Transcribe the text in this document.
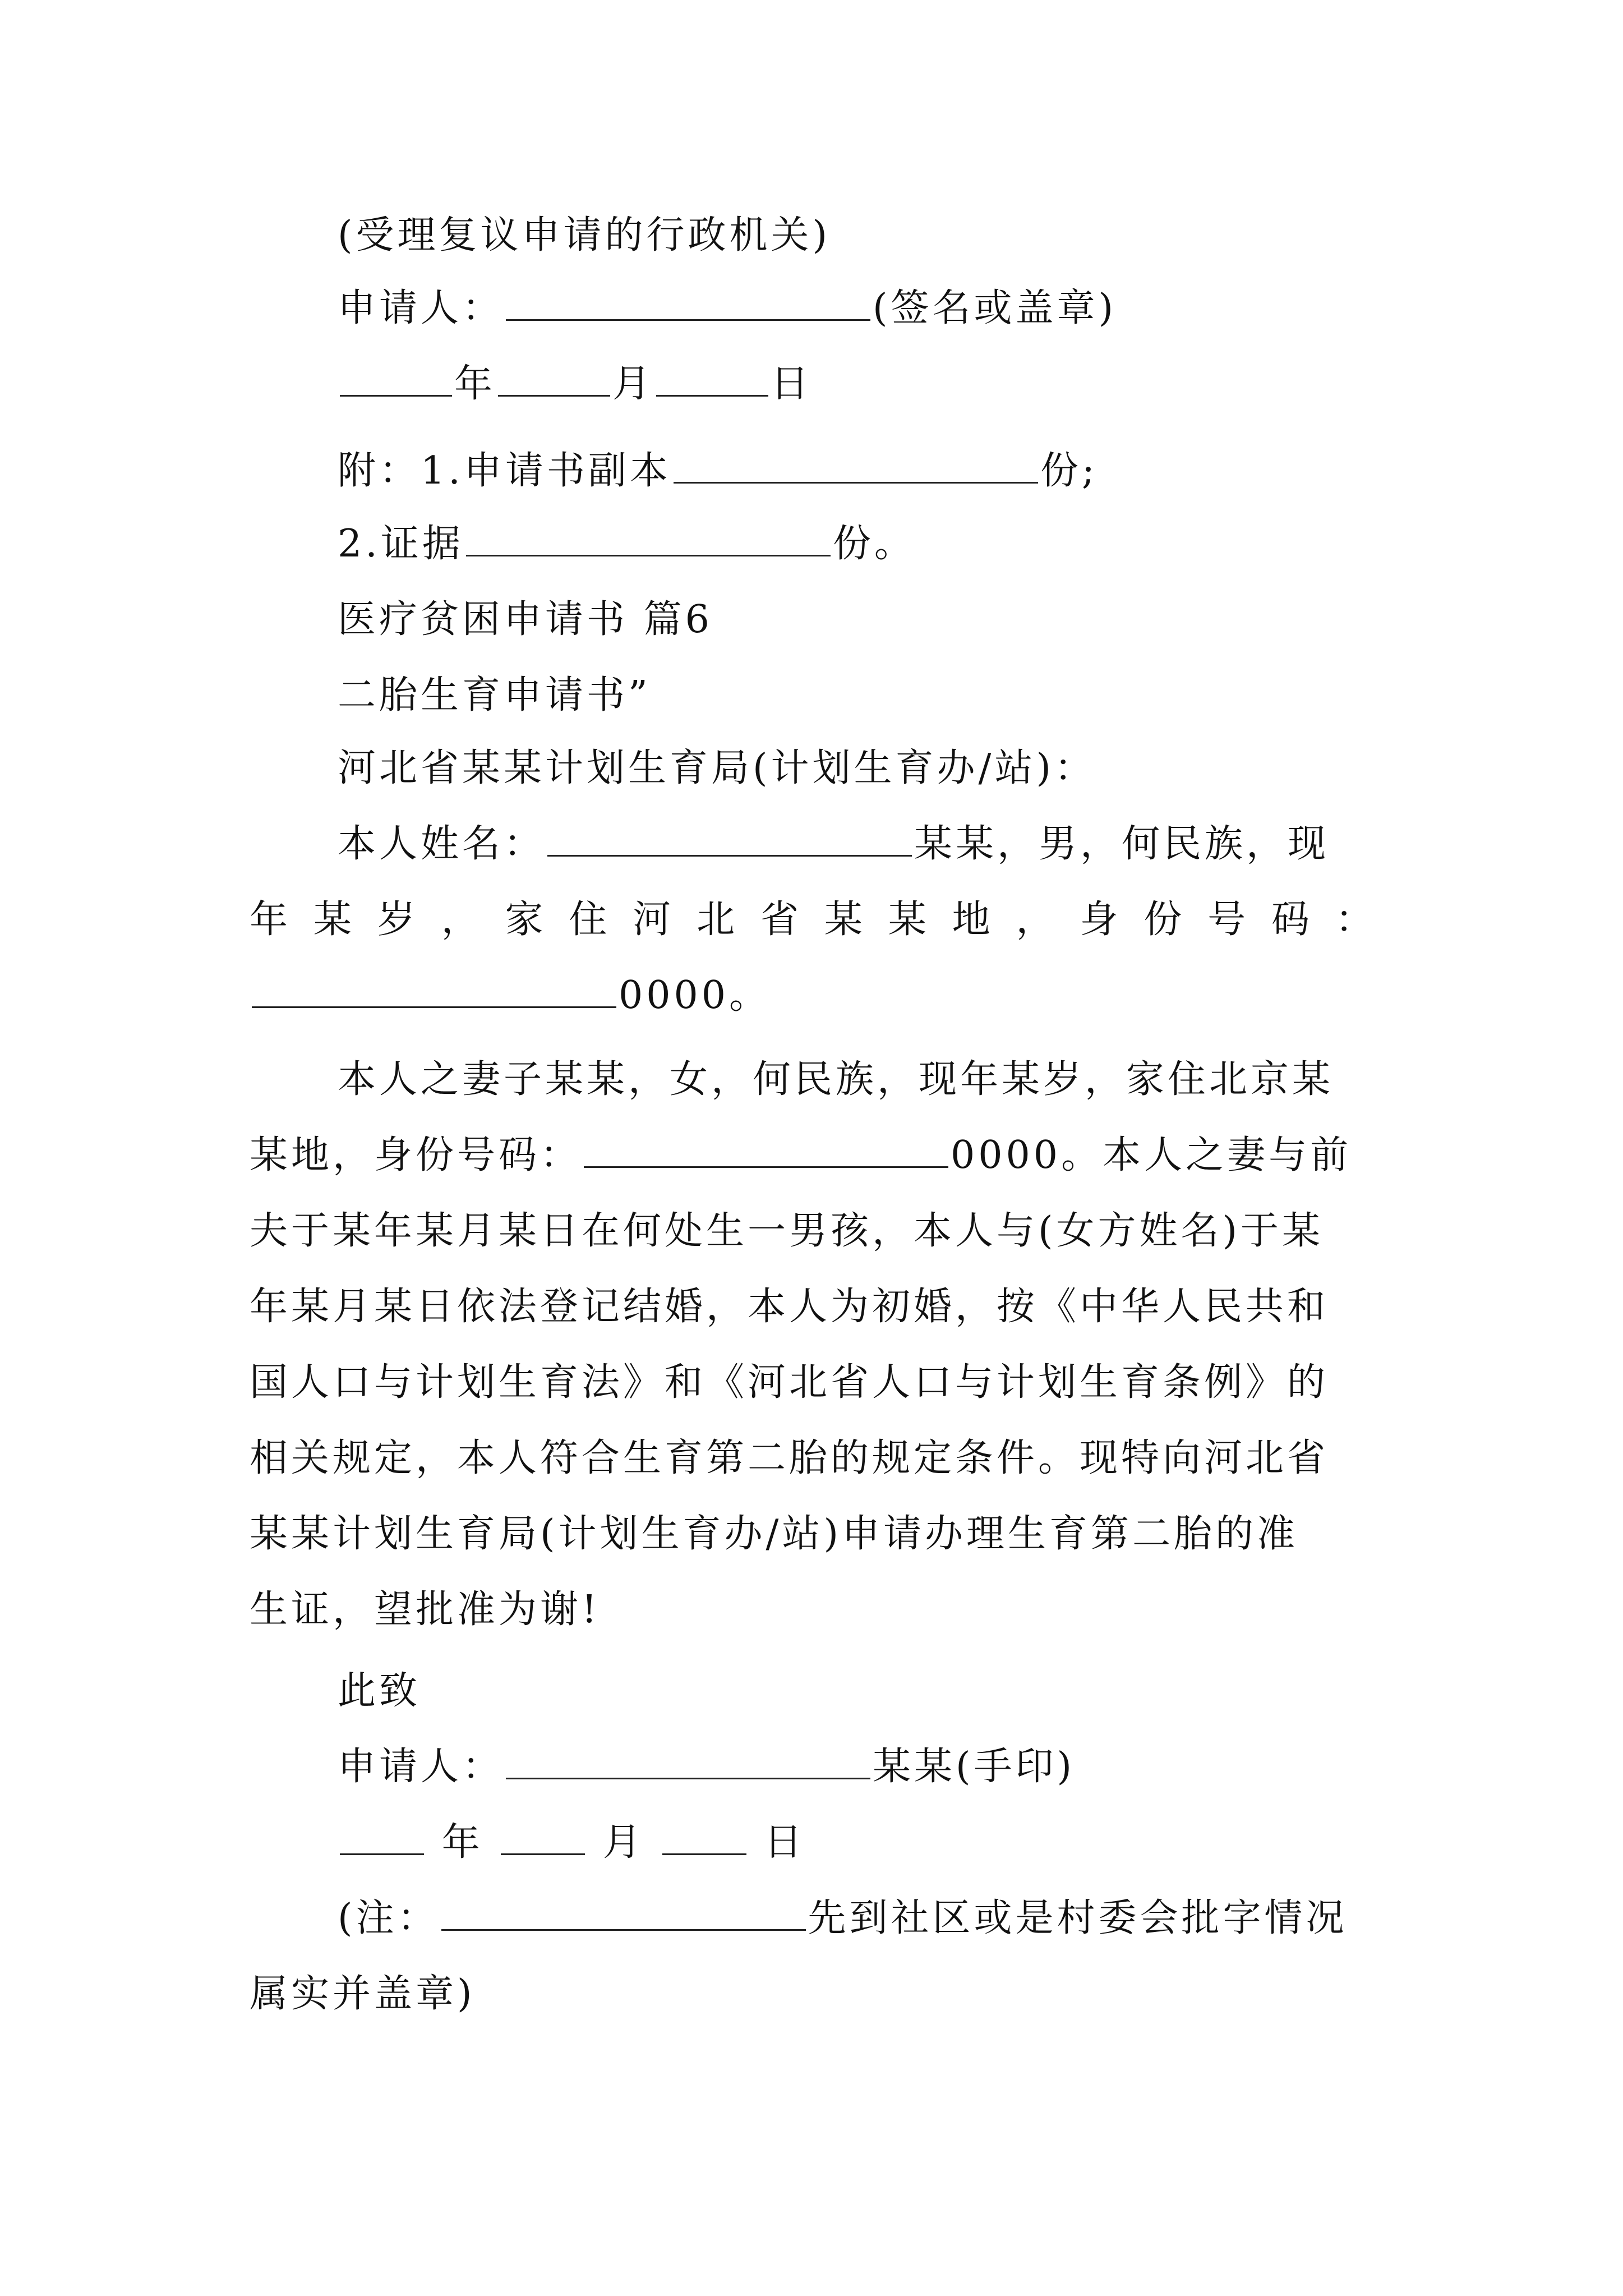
(受理复议申请的行政机关)
申请人：	(签名或盖章)
年	月	日
附：1.申请书副本	份;
2.证据	份。
医疗贫困申请书 篇6
二胎生育申请书”
河北省某某计划生育局(计划生育办/站)：
本人姓名：	某某，男，何民族，现
年 某 岁 ， 家 住 河 北 省 某 某 地 ， 身 份 号 码 ：
0000。
本人之妻子某某，女，何民族，现年某岁，家住北京某
某地，身份号码：	0000。本人之妻与前
夫于某年某月某日在何处生一男孩，本人与(女方姓名)于某
年某月某日依法登记结婚，本人为初婚，按《中华人民共和
国人口与计划生育法》和《河北省人口与计划生育条例》的
相关规定，本人符合生育第二胎的规定条件。现特向河北省
某某计划生育局(计划生育办/站)申请办理生育第二胎的准
生证，望批准为谢!
此致
申请人：	某某(手印)
年	月	日
(注：	先到社区或是村委会批字情况
属实并盖章)
